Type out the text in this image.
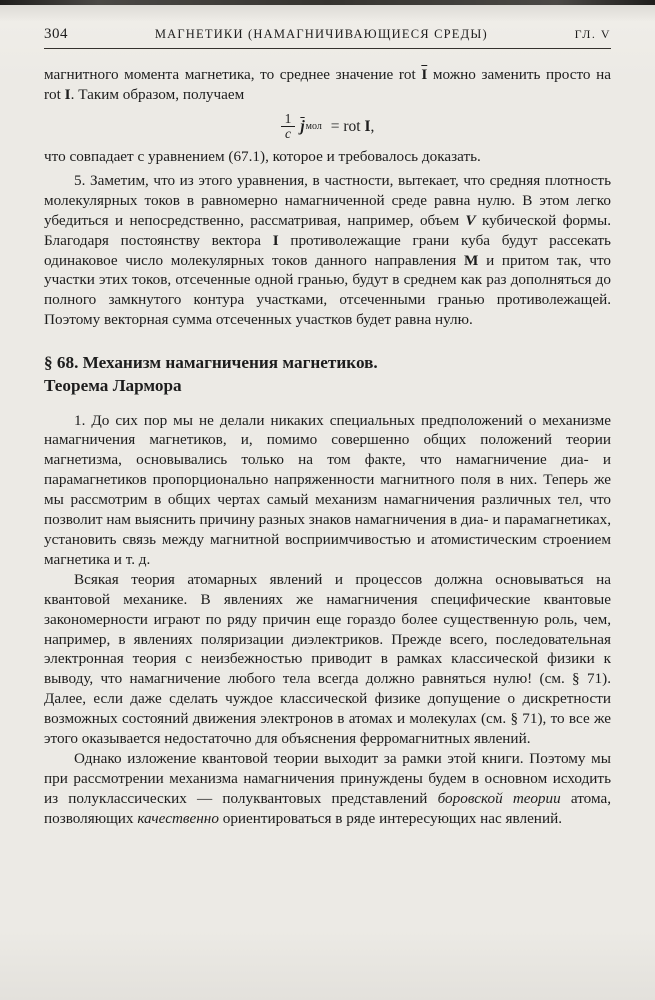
304	МАГНЕТИКИ (НАМАГНИЧИВАЮЩИЕСЯ СРЕДЫ)	ГЛ. V

магнитного момента магнетика, то среднее значение rot $\overline{I}$ можно заменить просто на rot I. Таким образом, получаем

$\frac{1}{c} \overline{j}$ мол = rot I,

что совпадает с уравнением (67.1), которое и требовалось доказать.

5. Заметим, что из этого уравнения, в частности, вытекает, что средняя плотность молекулярных токов в равномерно намагниченной среде равна нулю. В этом легко убедиться и непосредственно, рассматривая, например, объем V кубической формы. Благодаря постоянству вектора I противолежащие грани куба будут рассекать одинаковое число молекулярных токов данного направления M и притом так, что участки этих токов, отсеченные одной гранью, будут в среднем как раз дополняться до полного замкнутого контура участками, отсеченными гранью противолежащей. Поэтому векторная сумма отсеченных участков будет равна нулю.

§ 68. Механизм намагничения магнетиков.
Теорема Лармора

1. До сих пор мы не делали никаких специальных предположений о механизме намагничения магнетиков, и, помимо совершенно общих положений теории магнетизма, основывались только на том факте, что намагничение диа- и парамагнетиков пропорционально напряженности магнитного поля в них. Теперь же мы рассмотрим в общих чертах самый механизм намагничения различных тел, что позволит нам выяснить причину разных знаков намагничения в диа- и парамагнетиках, установить связь между магнитной восприимчивостью и атомистическим строением магнетика и т. д.

Всякая теория атомарных явлений и процессов должна основываться на квантовой механике. В явлениях же намагничения специфические квантовые закономерности играют по ряду причин еще гораздо более существенную роль, чем, например, в явлениях поляризации диэлектриков. Прежде всего, последовательная электронная теория с неизбежностью приводит в рамках классической физики к выводу, что намагничение любого тела всегда должно равняться нулю! (см. § 71). Далее, если даже сделать чуждое классической физике допущение о дискретности возможных состояний движения электронов в атомах и молекулах (см. § 71), то все же этого оказывается недостаточно для объяснения ферромагнитных явлений.

Однако изложение квантовой теории выходит за рамки этой книги. Поэтому мы при рассмотрении механизма намагничения принуждены будем в основном исходить из полуклассических — полуквантовых представлений боровской теории атома, позволяющих качественно ориентироваться в ряде интересующих нас явлений.
